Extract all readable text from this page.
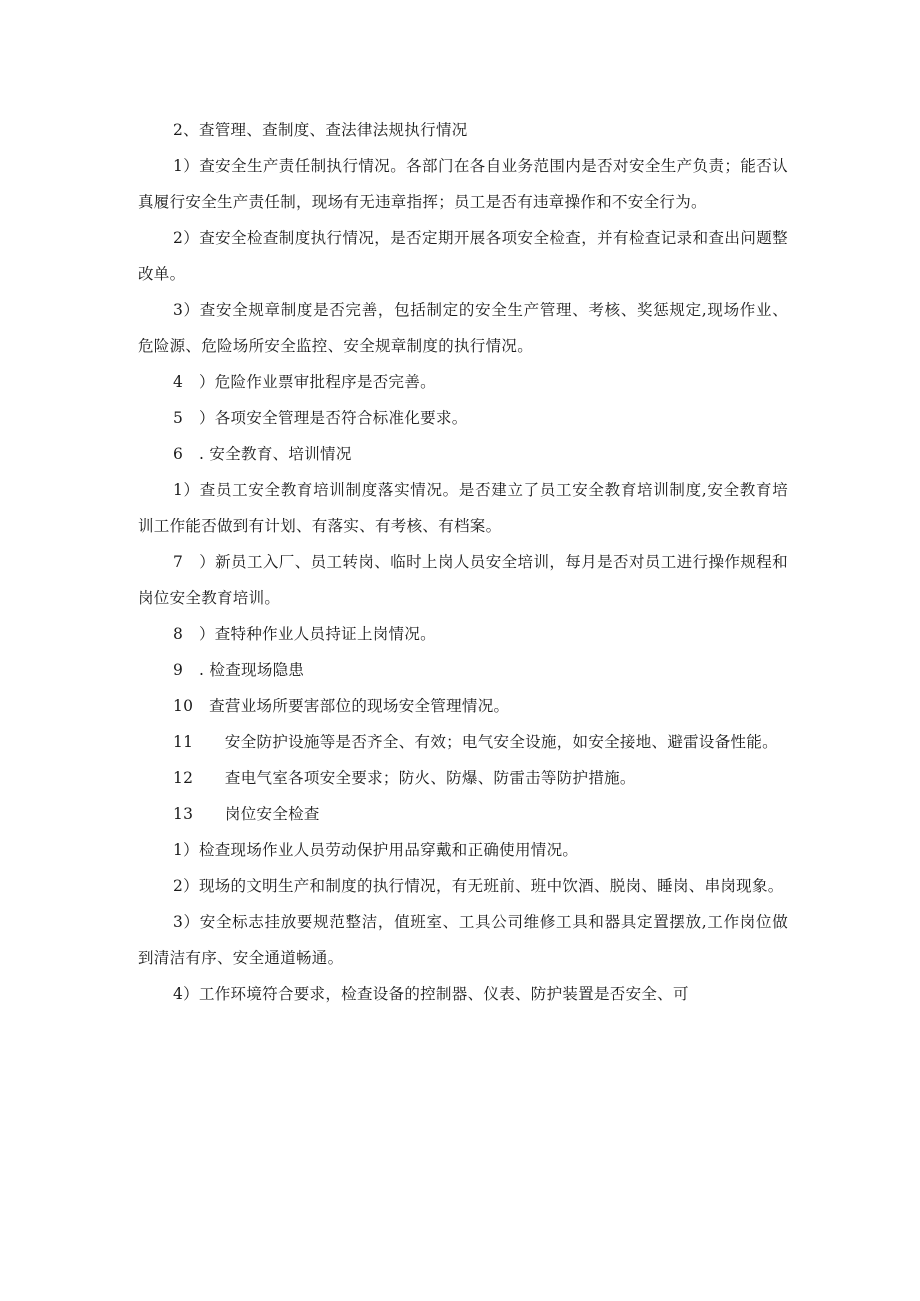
2、查管理、查制度、查法律法规执行情况

1）查安全生产责任制执行情况。各部门在各自业务范围内是否对安全生产负责；能否认真履行安全生产责任制，现场有无违章指挥；员工是否有违章操作和不安全行为。

2）查安全检查制度执行情况，是否定期开展各项安全检查，并有检查记录和查出问题整改单。

3）查安全规章制度是否完善，包括制定的安全生产管理、考核、奖惩规定,现场作业、危险源、危险场所安全监控、安全规章制度的执行情况。

4　）危险作业票审批程序是否完善。

5　）各项安全管理是否符合标准化要求。

6　. 安全教育、培训情况

1）查员工安全教育培训制度落实情况。是否建立了员工安全教育培训制度,安全教育培训工作能否做到有计划、有落实、有考核、有档案。

7　）新员工入厂、员工转岗、临时上岗人员安全培训，每月是否对员工进行操作规程和岗位安全教育培训。

8　）查特种作业人员持证上岗情况。

9　. 检查现场隐患

10　查营业场所要害部位的现场安全管理情况。

11　　安全防护设施等是否齐全、有效；电气安全设施，如安全接地、避雷设备性能。

12　　查电气室各项安全要求；防火、防爆、防雷击等防护措施。

13　　岗位安全检查

1）检查现场作业人员劳动保护用品穿戴和正确使用情况。

2）现场的文明生产和制度的执行情况，有无班前、班中饮酒、脱岗、睡岗、串岗现象。

3）安全标志挂放要规范整洁，值班室、工具公司维修工具和器具定置摆放,工作岗位做到清洁有序、安全通道畅通。

4）工作环境符合要求，检查设备的控制器、仪表、防护装置是否安全、可
